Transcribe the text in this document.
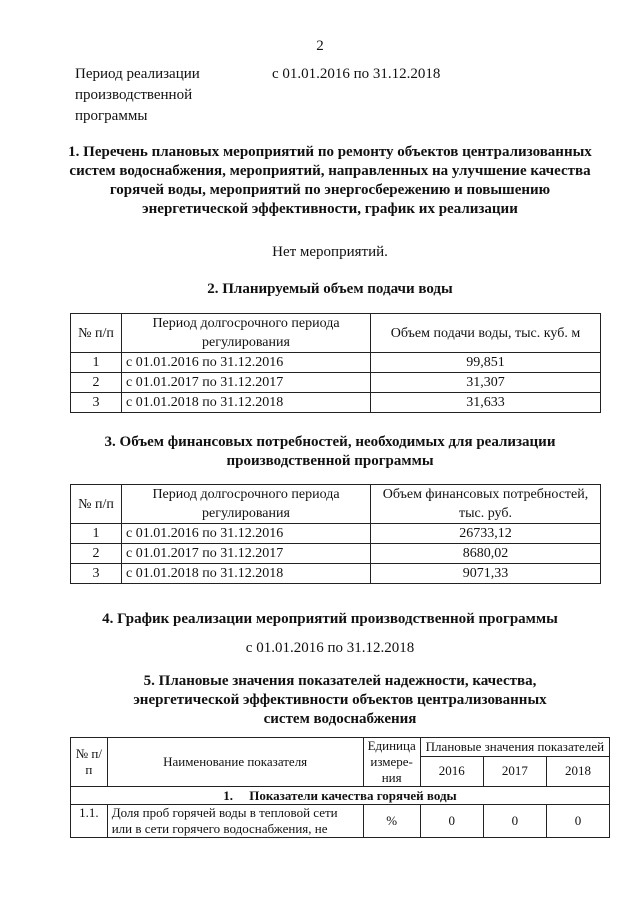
2
Период реализации производственной программы
с 01.01.2016 по 31.12.2018
1. Перечень плановых мероприятий по ремонту объектов централизованных систем водоснабжения, мероприятий, направленных на улучшение качества горячей воды, мероприятий по энергосбережению и повышению энергетической эффективности, график их реализации
Нет мероприятий.
2. Планируемый объем подачи воды
№ п/п	Период долгосрочного периода регулирования	Объем подачи воды, тыс. куб. м
1	с 01.01.2016 по 31.12.2016	99,851
2	с 01.01.2017 по 31.12.2017	31,307
3	с 01.01.2018 по 31.12.2018	31,633
3. Объем финансовых потребностей, необходимых для реализации производственной программы
№ п/п	Период долгосрочного периода регулирования	Объем финансовых потребностей, тыс. руб.
1	с 01.01.2016 по 31.12.2016	26733,12
2	с 01.01.2017 по 31.12.2017	8680,02
3	с 01.01.2018 по 31.12.2018	9071,33
4. График реализации мероприятий производственной программы
с 01.01.2016 по 31.12.2018
5. Плановые значения показателей надежности, качества, энергетической эффективности объектов централизованных систем водоснабжения
№ п/п	Наименование показателя	Единица измере- ния	Плановые значения показателей		
			2016	2017	2018
1. Показатели качества горячей воды					
1.1.	Доля проб горячей воды в тепловой сети или в сети горячего водоснабжения, не	%	0	0	0
